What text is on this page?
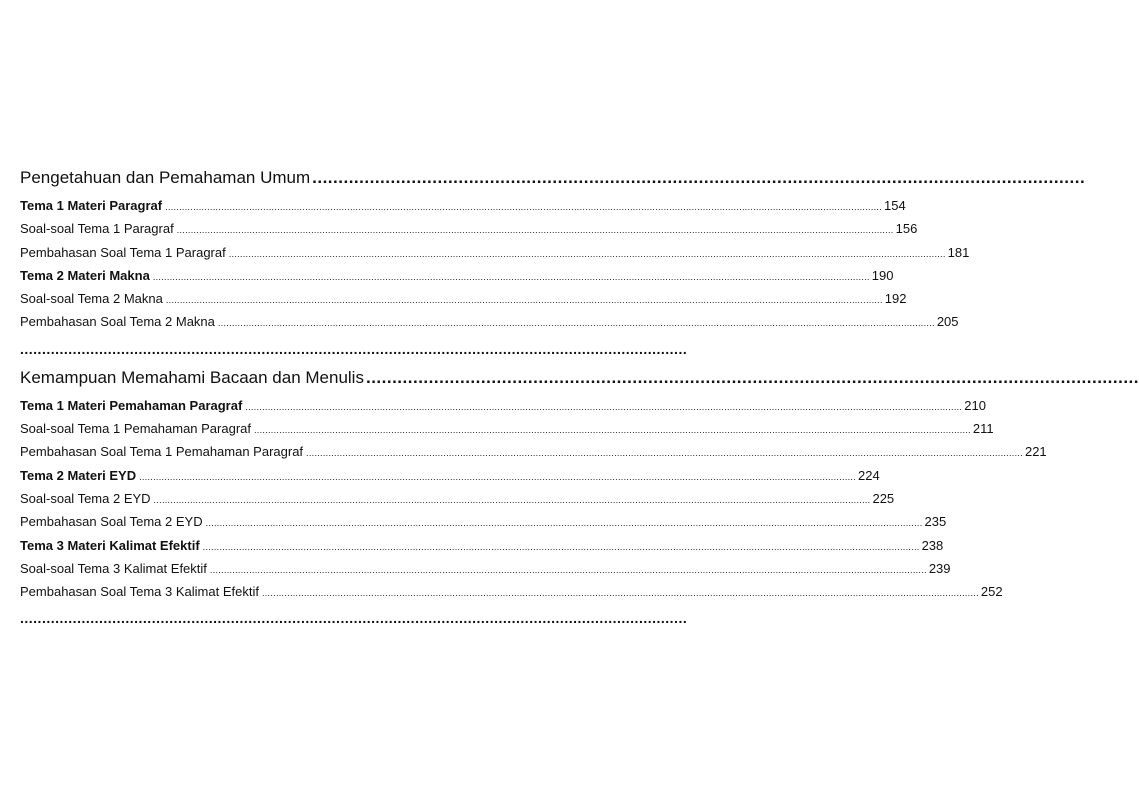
Pengetahuan dan Pemahaman Umum ....................................................................................................................................................
Tema 1 Materi Paragraf ................................................................................................................................................................................................................................................................ 154
Soal-soal Tema 1 Paragraf ................................................................................................................................................................................................................................................................ 156
Pembahasan Soal Tema 1 Paragraf ................................................................................................................................................................................................................................................................ 181
Tema 2 Materi Makna ................................................................................................................................................................................................................................................................ 190
Soal-soal Tema 2 Makna ................................................................................................................................................................................................................................................................ 192
Pembahasan Soal Tema 2 Makna ................................................................................................................................................................................................................................................................ 205
........................................................................................................................................................
Kemampuan Memahami Bacaan dan Menulis ....................................................................................................................................................
Tema 1 Materi Pemahaman Paragraf ................................................................................................................................................................................................................................................................ 210
Soal-soal Tema 1 Pemahaman Paragraf ................................................................................................................................................................................................................................................................ 211
Pembahasan Soal Tema 1 Pemahaman Paragraf ................................................................................................................................................................................................................................................................ 221
Tema 2 Materi EYD ................................................................................................................................................................................................................................................................ 224
Soal-soal Tema 2 EYD ................................................................................................................................................................................................................................................................ 225
Pembahasan Soal Tema 2 EYD ................................................................................................................................................................................................................................................................ 235
Tema 3 Materi Kalimat Efektif ................................................................................................................................................................................................................................................................ 238
Soal-soal Tema 3 Kalimat Efektif ................................................................................................................................................................................................................................................................ 239
Pembahasan Soal Tema 3 Kalimat Efektif ................................................................................................................................................................................................................................................................ 252
........................................................................................................................................................
